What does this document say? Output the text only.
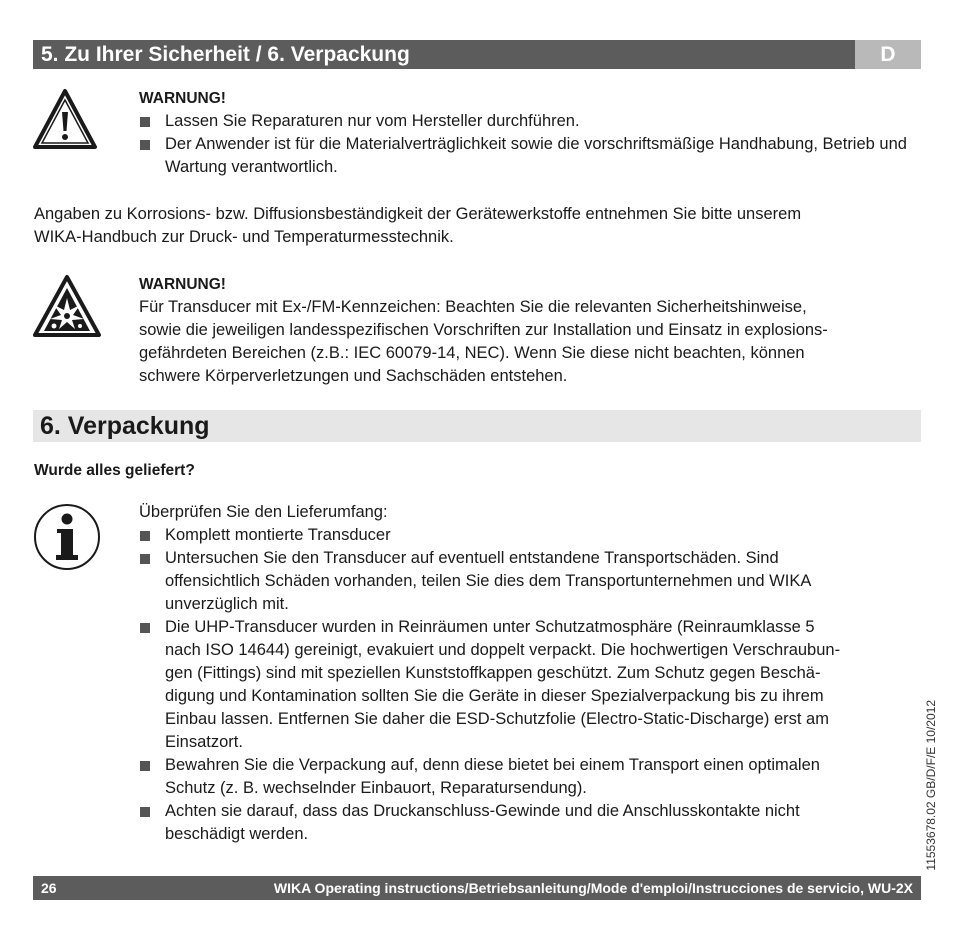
5. Zu Ihrer Sicherheit / 6. Verpackung	D
WARNUNG!
Lassen Sie Reparaturen nur vom Hersteller durchführen.
Der Anwender ist für die Materialverträglichkeit sowie die vorschriftsmäßige Handhabung, Betrieb und Wartung verantwortlich.
Angaben zu Korrosions- bzw. Diffusionsbeständigkeit der Gerätewerkstoffe entnehmen Sie bitte unserem
WIKA-Handbuch zur Druck- und Temperaturmesstechnik.
WARNUNG!
Für Transducer mit Ex-/FM-Kennzeichen: Beachten Sie die relevanten Sicherheitshinweise,
sowie die jeweiligen landesspezifischen Vorschriften zur Installation und Einsatz in explosions-
gefährdeten Bereichen (z.B.: IEC 60079-14, NEC). Wenn Sie diese nicht beachten, können
schwere Körperverletzungen und Sachschäden entstehen.
6. Verpackung
Wurde alles geliefert?
Überprüfen Sie den Lieferumfang:
Komplett montierte Transducer
Untersuchen Sie den Transducer auf eventuell entstandene Transportschäden. Sind
offensichtlich Schäden vorhanden, teilen Sie dies dem Transportunternehmen und WIKA
unverzüglich mit.
Die UHP-Transducer wurden in Reinräumen unter Schutzatmosphäre (Reinraumklasse 5
nach ISO 14644) gereinigt, evakuiert und doppelt verpackt. Die hochwertigen Verschraubun-
gen (Fittings) sind mit speziellen Kunststoffkappen geschützt. Zum Schutz gegen Beschä-
digung und Kontamination sollten Sie die Geräte in dieser Spezialverpackung bis zu ihrem
Einbau lassen. Entfernen Sie daher die ESD-Schutzfolie (Electro-Static-Discharge) erst am
Einsatzort.
Bewahren Sie die Verpackung auf, denn diese bietet bei einem Transport einen optimalen
Schutz (z. B. wechselnder Einbauort, Reparatursendung).
Achten sie darauf, dass das Druckanschluss-Gewinde und die Anschlusskontakte nicht
beschädigt werden.
26	WIKA Operating instructions/Betriebsanleitung/Mode d'emploi/Instrucciones de servicio, WU-2X
11553678.02 GB/D/F/E 10/2012
